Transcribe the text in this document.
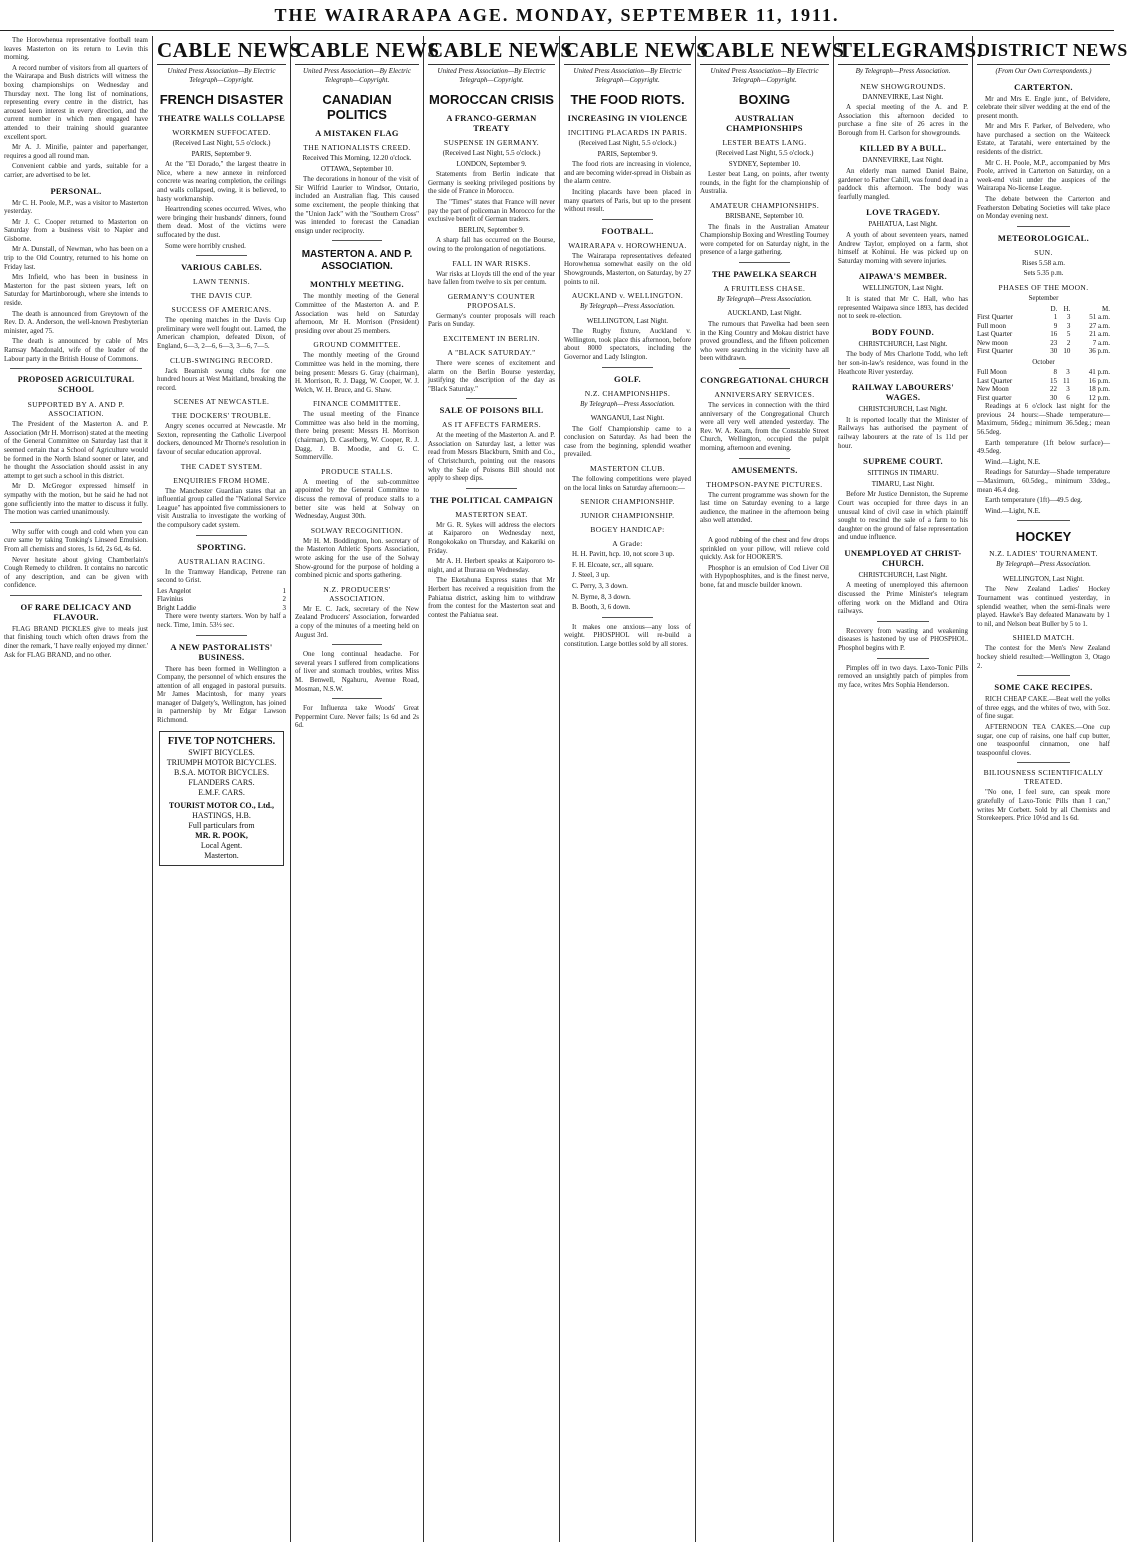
THE WAIRARAPA AGE. MONDAY, SEPTEMBER 11, 1911.
The Horowhenua representative football team leaves Masterton on its return to Levin this morning.
A record number of visitors from all quarters of the Wairarapa and Bush districts will witness the boxing championships on Wednesday and Thursday next. The long list of nominations, representing every centre in the district, has aroused keen interest in every direction, and the current number in which men engaged have attended to their training should guarantee excellent sport.
Mr A. J. Minifie, painter and paperhanger, requires a good all round man.
Convenient cabbie and yards, suitable for a carrier, are advertised to be let.
PERSONAL.
Mr C. H. Poole, M.P., was a visitor to Masterton yesterday.
Mr J. C. Cooper returned to Masterton on Saturday from a business visit to Napier and Gisborne.
Mr A. Dunstall, of Newman, who has been on a trip to the Old Country, returned to his home on Friday last.
Mrs Infield, who has been in business in Masterton for the past sixteen years, left on Saturday for Martinborough, where she intends to reside.
The death is announced from Greytown of the Rev. D. A. Anderson, the well-known Presbyterian minister, aged 75.
The death is announced by cable of Mrs Ramsay Macdonald, wife of the leader of the Labour party in the British House of Commons.
PROPOSED AGRICULTURAL SCHOOL
SUPPORTED BY A. AND P. ASSOCIATION.
The President of the Masterton A. and P. Association (Mr H. Morrison) stated at the meeting of the General Committee on Saturday last that it seemed certain that a School of Agriculture would be formed in the North Island sooner or later, and he thought the Association should assist in any attempt to get such a school in this district.
Mr D. McGregor expressed himself in sympathy with the motion, but he said he had not gone sufficiently into the matter to discuss it fully. The motion was carried unanimously.
Why suffer with cough and cold when you can cure same by taking Tonking's Linseed Emulsion. From all chemists and stores, 1s 6d, 2s 6d, 4s 6d.
Never hesitate about giving Chamberlain's Cough Remedy to children. It contains no narcotic of any description, and can be given with confidence.
OF RARE DELICACY AND FLAVOUR.
FLAG BRAND PICKLES give to meals just that finishing touch which often draws from the diner the remark, 'I have really enjoyed my dinner.' Ask for FLAG BRAND, and no other.
CABLE NEWS
United Press Association—By Electric Telegraph—Copyright.
FRENCH DISASTER
THEATRE WALLS COLLAPSE
WORKMEN SUFFOCATED.
(Received Last Night, 5.5 o'clock.)
PARIS, September 9.
At the "El Dorado," the largest theatre in Nice, where a new annexe in reinforced concrete was nearing completion, the ceilings and walls collapsed, owing, it is believed, to hasty workmanship.
Heartrending scenes occurred. Wives, who were bringing their husbands' dinners, found them dead. Most of the victims were suffocated by the dust.
Some were horribly crushed.
VARIOUS CABLES.
LAWN TENNIS.
THE DAVIS CUP.
SUCCESS OF AMERICANS.
The opening matches in the Davis Cup preliminary were well fought out. Larned, the American champion, defeated Dixon, of England, 6—3, 2—6, 6—3, 3—6, 7—5.
CLUB-SWINGING RECORD.
Jack Beamish swung clubs for one hundred hours at West Maitland, breaking the record.
SCENES AT NEWCASTLE.
THE DOCKERS' TROUBLE.
Angry scenes occurred at Newcastle. Mr Sexton, representing the Catholic Liverpool dockers, denounced Mr Thorne's resolution in favour of secular education approval.
THE CADET SYSTEM.
ENQUIRIES FROM HOME.
The Manchester Guardian states that an influential group called the "National Service League" has appointed five commissioners to visit Australia to investigate the working of the compulsory cadet system.
SPORTING.
AUSTRALIAN RACING.
In the Tramway Handicap, Petrene ran second to Grist.
Les Angelot	1
Flavinius	2
Bright Laddie	3
There were twenty starters. Won by half a neck. Time, 1min. 53½ sec.
A NEW PASTORALISTS' BUSINESS.
There has been formed in Wellington a Company, the personnel of which ensures the attention of all engaged in pastoral pursuits. Mr James Macintosh, for many years manager of Dalgety's, Wellington, has joined in partnership by Mr Edgar Lawson Richmond.
FIVE TOP NOTCHERS.
SWIFT BICYCLES.
TRIUMPH MOTOR BICYCLES.
B.S.A. MOTOR BICYCLES.
FLANDERS CARS.
E.M.F. CARS.
TOURIST MOTOR CO., Ltd.,
HASTINGS, H.B.
Full particulars from
MR. R. POOK,
Local Agent.
Masterton.
CABLE NEWS
United Press Association—By Electric Telegraph—Copyright.
CANADIAN POLITICS
A MISTAKEN FLAG
THE NATIONALISTS CREED.
Received This Morning, 12.20 o'clock.
OTTAWA, September 10.
The decorations in honour of the visit of Sir Wilfrid Laurier to Windsor, Ontario, included an Australian flag. This caused some excitement, the people thinking that the "Union Jack" with the "Southern Cross" was intended to forecast the Canadian ensign under reciprocity.
MASTERTON A. AND P. ASSOCIATION.
MONTHLY MEETING.
The monthly meeting of the General Committee of the Masterton A. and P. Association was held on Saturday afternoon, Mr H. Morrison (President) presiding over about 25 members.
GROUND COMMITTEE.
The monthly meeting of the Ground Committee was held in the morning, there being present: Messrs G. Gray (chairman), H. Morrison, R. J. Dagg, W. Cooper, W. J. Welch, W. H. Bruce, and G. Shaw.
FINANCE COMMITTEE.
The usual meeting of the Finance Committee was also held in the morning, there being present: Messrs H. Morrison (chairman), D. Caselberg, W. Cooper, R. J. Dagg, J. B. Moodie, and G. C. Sommerville.
PRODUCE STALLS.
A meeting of the sub-committee appointed by the General Committee to discuss the removal of produce stalls to a better site was held at Solway on Wednesday, August 30th.
SOLWAY RECOGNITION.
Mr H. M. Boddington, hon. secretary of the Masterton Athletic Sports Association, wrote asking for the use of the Solway Show-ground for the purpose of holding a combined picnic and sports gathering.
N.Z. PRODUCERS' ASSOCIATION.
Mr E. C. Jack, secretary of the New Zealand Producers' Association, forwarded a copy of the minutes of a meeting held on August 3rd.
One long continual headache. For several years I suffered from complications of liver and stomach troubles, writes Miss M. Benwell, Ngahuru, Avenue Road, Mosman, N.S.W.
For Influenza take Woods' Great Peppermint Cure. Never fails; 1s 6d and 2s 6d.
CABLE NEWS
United Press Association—By Electric Telegraph—Copyright.
MOROCCAN CRISIS
A FRANCO-GERMAN TREATY
SUSPENSE IN GERMANY.
(Received Last Night, 5.5 o'clock.)
LONDON, September 9.
Statements from Berlin indicate that Germany is seeking privileged positions by the side of France in Morocco.
The "Times" states that France will never pay the part of policeman in Morocco for the exclusive benefit of German traders.
BERLIN, September 9.
A sharp fall has occurred on the Bourse, owing to the prolongation of negotiations.
FALL IN WAR RISKS.
War risks at Lloyds till the end of the year have fallen from twelve to six per centum.
GERMANY'S COUNTER PROPOSALS.
Germany's counter proposals will reach Paris on Sunday.
EXCITEMENT IN BERLIN.
A "BLACK SATURDAY."
There were scenes of excitement and alarm on the Berlin Bourse yesterday, justifying the description of the day as "Black Saturday."
SALE OF POISONS BILL
AS IT AFFECTS FARMERS.
At the meeting of the Masterton A. and P. Association on Saturday last, a letter was read from Messrs Blackburn, Smith and Co., of Christchurch, pointing out the reasons why the Sale of Poisons Bill should not apply to sheep dips.
THE POLITICAL CAMPAIGN
MASTERTON SEAT.
Mr G. R. Sykes will address the electors at Kaiparoro on Wednesday next, Rongokokako on Thursday, and Kakariki on Friday.
Mr A. H. Herbert speaks at Kaipororo to-night, and at Ihuraua on Wednesday.
The Eketahuna Express states that Mr Herbert has received a requisition from the Pahiatua district, asking him to withdraw from the contest for the Masterton seat and contest the Pahiatua seat.
CABLE NEWS
United Press Association—By Electric Telegraph—Copyright.
THE FOOD RIOTS.
INCREASING IN VIOLENCE
INCITING PLACARDS IN PARIS.
(Received Last Night, 5.5 o'clock.)
PARIS, September 9.
The food riots are increasing in violence, and are becoming wider-spread in Oisbain as the alarm centre.
Inciting placards have been placed in many quarters of Paris, but up to the present without result.
FOOTBALL.
WAIRARAPA v. HOROWHENUA.
The Wairarapa representatives defeated Horowhenua somewhat easily on the old Showgrounds, Masterton, on Saturday, by 27 points to nil.
AUCKLAND v. WELLINGTON.
By Telegraph—Press Association.
WELLINGTON, Last Night.
The Rugby fixture, Auckland v. Wellington, took place this afternoon, before about 8000 spectators, including the Governor and Lady Islington.
GOLF.
N.Z. CHAMPIONSHIPS.
By Telegraph—Press Association.
WANGANUI, Last Night.
The Golf Championship came to a conclusion on Saturday. As had been the case from the beginning, splendid weather prevailed.
MASTERTON CLUB.
The following competitions were played on the local links on Saturday afternoon:—
SENIOR CHAMPIONSHIP.
JUNIOR CHAMPIONSHIP.
BOGEY HANDICAP:
A Grade:
H. H. Pavitt, hcp. 10, not score 3 up.
F. H. Elcoate, scr., all square.
J. Steel, 3 up.
C. Perry, 3, 3 down.
N. Byrne, 8, 3 down.
B. Booth, 3, 6 down.
It makes one anxious—any loss of weight. PHOSPHOL will re-build a constitution. Large bottles sold by all stores.
CABLE NEWS
United Press Association—By Electric Telegraph—Copyright.
BOXING
AUSTRALIAN CHAMPIONSHIPS
LESTER BEATS LANG.
(Received Last Night, 5.5 o'clock.)
SYDNEY, September 10.
Lester beat Lang, on points, after twenty rounds, in the fight for the championship of Australia.
AMATEUR CHAMPIONSHIPS.
BRISBANE, September 10.
The finals in the Australian Amateur Championship Boxing and Wrestling Tourney were competed for on Saturday night, in the presence of a large gathering.
THE PAWELKA SEARCH
A FRUITLESS CHASE.
By Telegraph—Press Association.
AUCKLAND, Last Night.
The rumours that Pawelka had been seen in the King Country and Mokau district have proved groundless, and the fifteen policemen who were searching in the vicinity have all been withdrawn.
CONGREGATIONAL CHURCH
ANNIVERSARY SERVICES.
The services in connection with the third anniversary of the Congregational Church were all very well attended yesterday. The Rev. W. A. Keam, from the Constable Street Church, Wellington, occupied the pulpit morning, afternoon and evening.
AMUSEMENTS.
THOMPSON-PAYNE PICTURES.
The current programme was shown for the last time on Saturday evening to a large audience, the matinee in the afternoon being also well attended.
A good rubbing of the chest and few drops sprinkled on your pillow, will relieve cold quickly. Ask for HOOKER'S.
Phosphor is an emulsion of Cod Liver Oil with Hypophosphites, and is the finest nerve, bone, fat and muscle builder known.
TELEGRAMS.
By Telegraph—Press Association.
NEW SHOWGROUNDS.
DANNEVIRKE, Last Night.
A special meeting of the A. and P. Association this afternoon decided to purchase a fine site of 26 acres in the Borough from H. Carlson for showgrounds.
KILLED BY A BULL.
DANNEVIRKE, Last Night.
An elderly man named Daniel Baine, gardener to Father Cahill, was found dead in a paddock this afternoon. The body was fearfully mangled.
LOVE TRAGEDY.
PAHIATUA, Last Night.
A youth of about seventeen years, named Andrew Taylor, employed on a farm, shot himself at Kohinui. He was picked up on Saturday morning with severe injuries.
AIPAWA'S MEMBER.
WELLINGTON, Last Night.
It is stated that Mr C. Hall, who has represented Waipawa since 1893, has decided not to seek re-election.
BODY FOUND.
CHRISTCHURCH, Last Night.
The body of Mrs Charlotte Todd, who left her son-in-law's residence, was found in the Heathcote River yesterday.
RAILWAY LABOURERS' WAGES.
CHRISTCHURCH, Last Night.
It is reported locally that the Minister of Railways has authorised the payment of railway labourers at the rate of 1s 11d per hour.
SUPREME COURT.
SITTINGS IN TIMARU.
TIMARU, Last Night.
Before Mr Justice Denniston, the Supreme Court was occupied for three days in an unusual kind of civil case in which plaintiff sought to rescind the sale of a farm to his daughter on the ground of false representation and undue influence.
UNEMPLOYED AT CHRIST-CHURCH.
CHRISTCHURCH, Last Night.
A meeting of unemployed this afternoon discussed the Prime Minister's telegram offering work on the Midland and Otira railways.
Recovery from wasting and weakening diseases is hastened by use of PHOSPHOL. Phosphol begins with P.
Pimples off in two days. Laxo-Tonic Pills removed an unsightly patch of pimples from my face, writes Mrs Sophia Henderson.
DISTRICT NEWS
(From Our Own Correspondents.)
CARTERTON.
Mr and Mrs E. Engle junr., of Belvidere, celebrate their silver wedding at the end of the present month.
Mr and Mrs F. Parker, of Belvedere, who have purchased a section on the Waiteeck Estate, at Taratahi, were entertained by the residents of the district.
Mr C. H. Poole, M.P., accompanied by Mrs Poole, arrived in Carterton on Saturday, on a week-end visit under the auspices of the Wairarapa No-license League.
The debate between the Carterton and Featherston Debating Societies will take place on Monday evening next.
METEOROLOGICAL.
SUN.
Rises 5.58 a.m.
Sets 5.35 p.m.
PHASES OF THE MOON.
September
	D.	H.	M.
First Quarter	1	3	51 a.m.
Full moon	9	3	27 a.m.
Last Quarter	16	5	21 a.m.
New moon	23	2	7 a.m.
First Quarter	30	10	36 p.m.
October
Full Moon	8	3	41 p.m.
Last Quarter	15	11	16 p.m.
New Moon	22	3	18 p.m.
First quarter	30	6	12 p.m.
Readings at 6 o'clock last night for the previous 24 hours:—Shade temperature—Maximum, 56deg.; minimum 36.5deg.; mean 56.5deg.
Earth temperature (1ft below surface)—49.5deg.
Wind.—Light, N.E.
Readings for Saturday—Shade temperature—Maximum, 60.5deg., minimum 33deg., mean 46.4 deg.
Earth temperature (1ft)—49.5 deg.
Wind.—Light, N.E.
HOCKEY
N.Z. LADIES' TOURNAMENT.
By Telegraph—Press Association.
WELLINGTON, Last Night.
The New Zealand Ladies' Hockey Tournament was continued yesterday, in splendid weather, when the semi-finals were played. Hawke's Bay defeated Manawatu by 1 to nil, and Nelson beat Buller by 5 to 1.
SHIELD MATCH.
The contest for the Men's New Zealand hockey shield resulted:—Wellington 3, Otago 2.
SOME CAKE RECIPES.
RICH CHEAP CAKE.—Beat well the yolks of three eggs, and the whites of two, with 5oz. of fine sugar.
AFTERNOON TEA CAKES.—One cup sugar, one cup of raisins, one half cup butter, one teaspoonful cinnamon, one half teaspoonful cloves.
BILIOUSNESS SCIENTIFICALLY TREATED.
"No one, I feel sure, can speak more gratefully of Laxo-Tonic Pills than I can," writes Mr Corbett. Sold by all Chemists and Storekeepers. Price 10½d and 1s 6d.
